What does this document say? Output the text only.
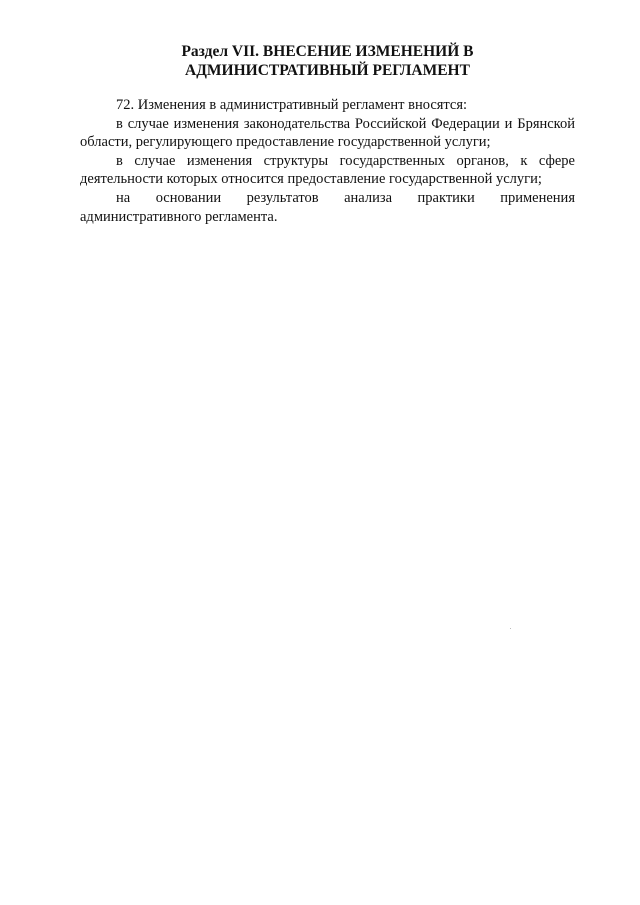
Раздел VII. ВНЕСЕНИЕ ИЗМЕНЕНИЙ В
АДМИНИСТРАТИВНЫЙ РЕГЛАМЕНТ

72. Изменения в административный регламент вносятся:

в случае изменения законодательства Российской Федерации и Брянской области, регулирующего предоставление государственной услуги;

в случае изменения структуры государственных органов, к сфере деятельности которых относится предоставление государственной услуги;

на основании результатов анализа практики применения административного регламента.
